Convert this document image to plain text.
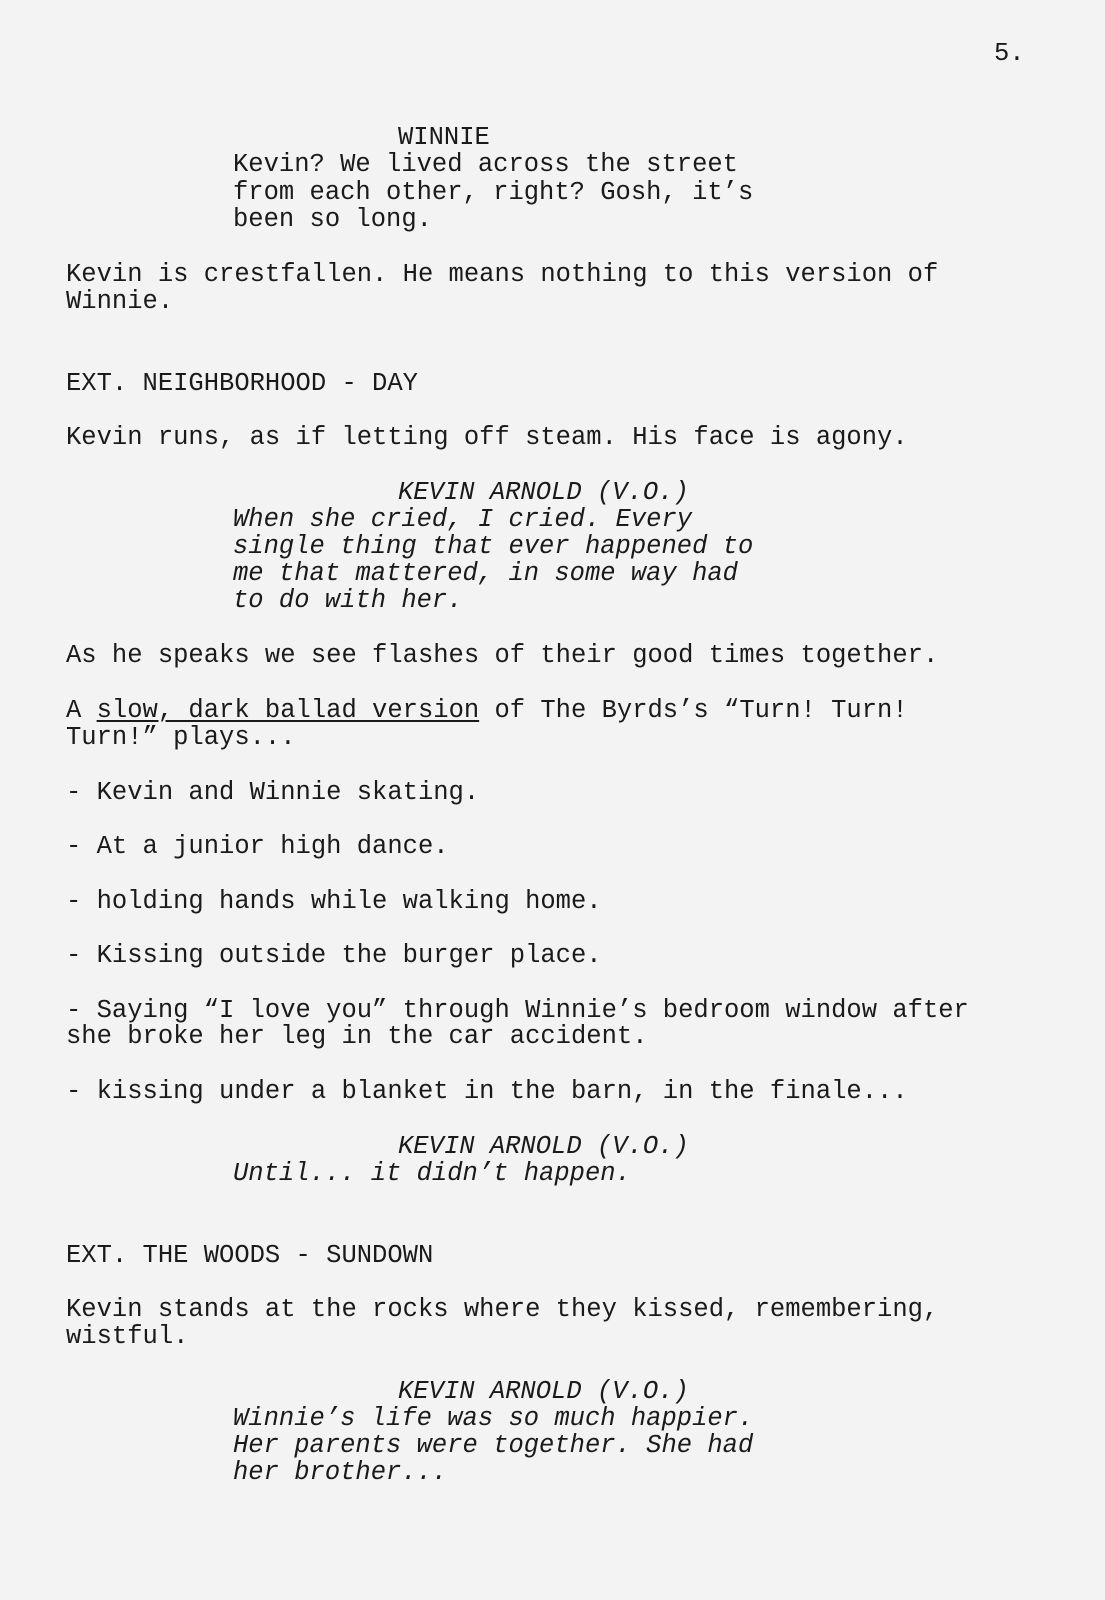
5.

WINNIE

Kevin? We lived across the street

from each other, right? Gosh, it’s

been so long.

Kevin is crestfallen. He means nothing to this version of

Winnie.

EXT. NEIGHBORHOOD - DAY

Kevin runs, as if letting off steam. His face is agony.

KEVIN ARNOLD (V.O.)

When she cried, I cried. Every

single thing that ever happened to

me that mattered, in some way had

to do with her.

As he speaks we see flashes of their good times together.

A slow, dark ballad version of The Byrds’s “Turn! Turn!

Turn!” plays...

- Kevin and Winnie skating.

- At a junior high dance.

- holding hands while walking home.

- Kissing outside the burger place.

- Saying “I love you” through Winnie’s bedroom window after

she broke her leg in the car accident.

- kissing under a blanket in the barn, in the finale...

KEVIN ARNOLD (V.O.)

Until... it didn’t happen.

EXT. THE WOODS - SUNDOWN

Kevin stands at the rocks where they kissed, remembering,

wistful.

KEVIN ARNOLD (V.O.)

Winnie’s life was so much happier.

Her parents were together. She had

her brother...
